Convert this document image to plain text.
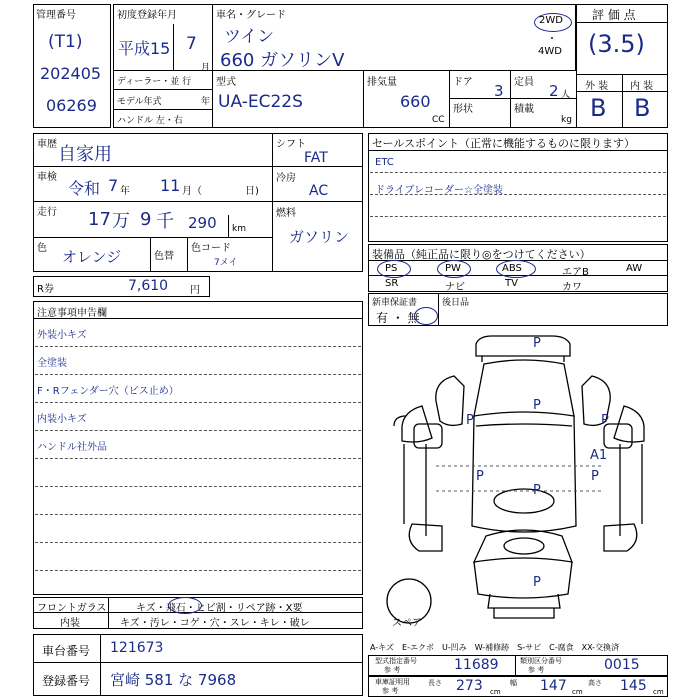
管理番号
(T1)
202405
06269
初度登録年月
平成15 7
月
車名・グレード
ツイン
660 ガソリンV
2WD
・
4WD
評 価 点
(3.5)
外 装 内 装
B B
ディーラー・並 行
モデル年式	年
ハンドル 左・右
型式
UA-EC22S
排気量
660
CC
ドア 3
形状
定員 2 人
積載
kg
車歴 自家用
車検
令和 7 年 11 月（	日)
走行 17 万 9 千 290 km
色 オレンジ	色替
色コード
7メイ
シフト
FAT
冷房
AC
燃料
ガソリン
セールスポイント（正常に機能するものに限ります）
ETC
ドライブレコーダー☆全塗装
装備品（純正品に限り◎をつけてください）
PS	PW	ABS	エアB	AW
SR	ナビ	TV	カワ
R券	7,610 円
新車保証書	後日品
有 ・ 無
注意事項申告欄
外装小キズ
全塗装
F・Rフェンダー穴（ビス止め）
内装小キズ
ハンドル社外品
P
P
P	P
P
P
P
P
A1
スペア
フロントガラス	キズ・飛石・ヒビ割・リペア跡・X要
内装	キズ・汚レ・コゲ・穴・スレ・キレ・破レ
車台番号 121673
登録番号 宮崎 581 な 7968
A-キズ　E-エクボ　U-凹み　W-補修跡　S-サビ　C-腐食　XX-交換済
型式指定番号
参 考	11689	類別区分番号
参 考	0015
車庫証明用
参 考
長さ 273 cm
幅 147 cm
高さ 145 cm
